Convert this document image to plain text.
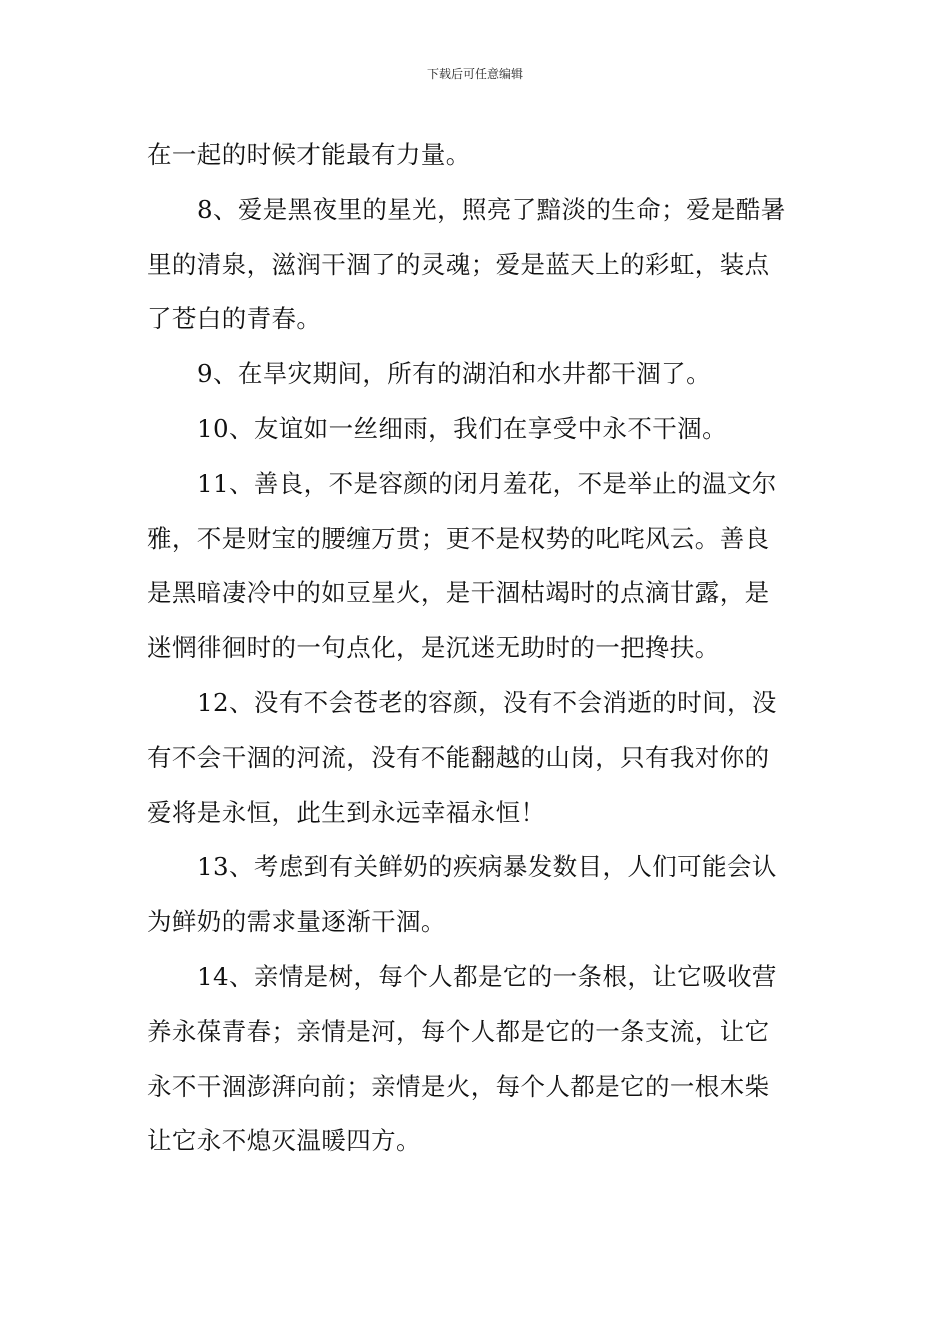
下载后可任意编辑
在一起的时候才能最有力量。
8、爱是黑夜里的星光，照亮了黯淡的生命；爱是酷暑
里的清泉，滋润干涸了的灵魂；爱是蓝天上的彩虹，装点
了苍白的青春。
9、在旱灾期间，所有的湖泊和水井都干涸了。
10、友谊如一丝细雨，我们在享受中永不干涸。
11、善良，不是容颜的闭月羞花，不是举止的温文尔
雅，不是财宝的腰缠万贯；更不是权势的叱咤风云。善良
是黑暗凄冷中的如豆星火，是干涸枯竭时的点滴甘露，是
迷惘徘徊时的一句点化，是沉迷无助时的一把搀扶。
12、没有不会苍老的容颜，没有不会消逝的时间，没
有不会干涸的河流，没有不能翻越的山岗，只有我对你的
爱将是永恒，此生到永远幸福永恒！
13、考虑到有关鲜奶的疾病暴发数目，人们可能会认
为鲜奶的需求量逐渐干涸。
14、亲情是树，每个人都是它的一条根，让它吸收营
养永葆青春；亲情是河，每个人都是它的一条支流，让它
永不干涸澎湃向前；亲情是火，每个人都是它的一根木柴
让它永不熄灭温暖四方。
